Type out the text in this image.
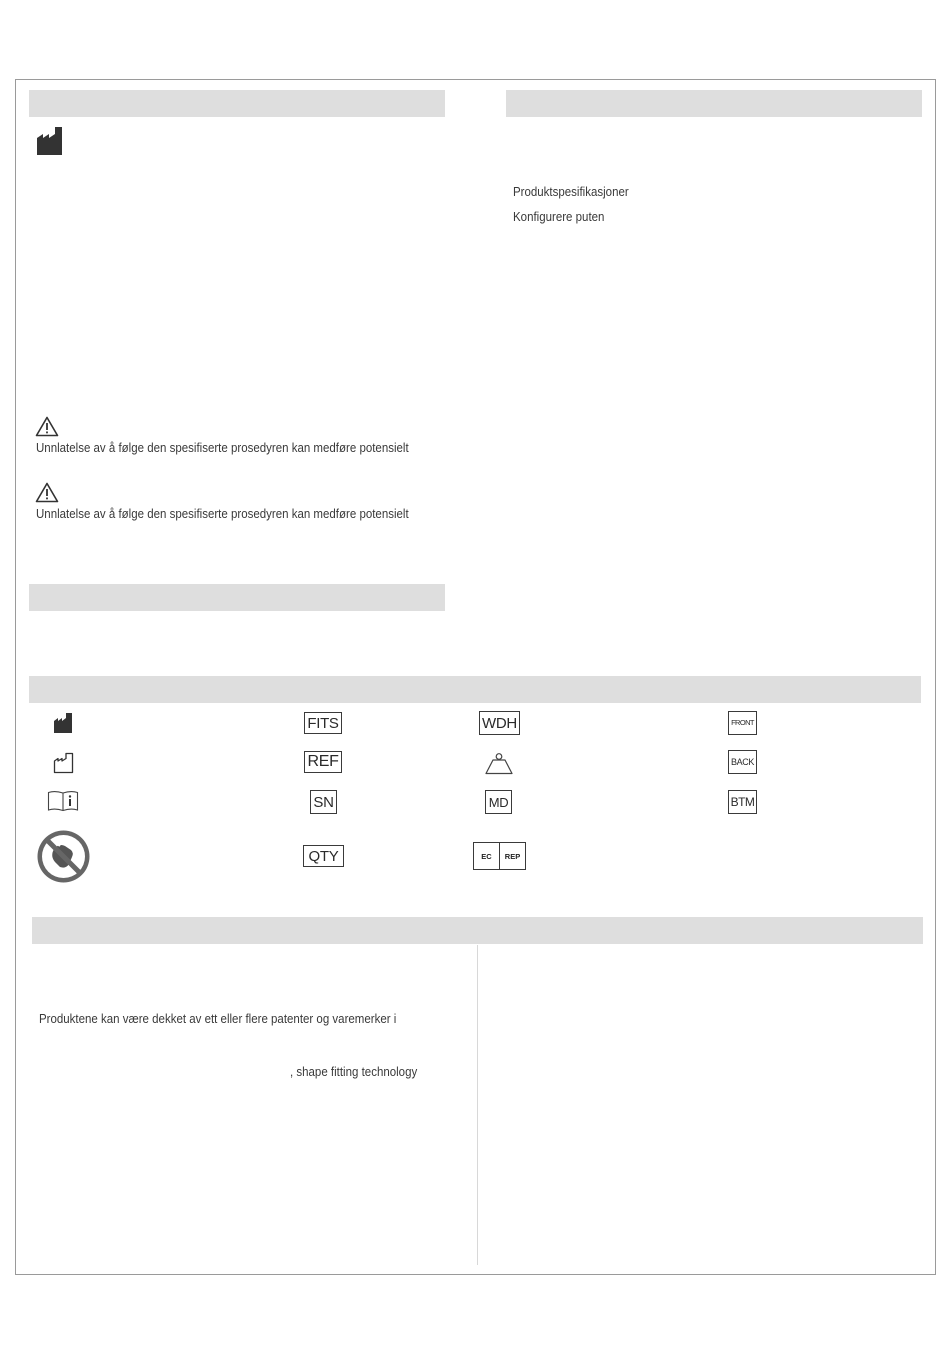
Produktspesifikasjoner
Konfigurere puten
Unnlatelse av å følge den spesifiserte prosedyren kan medføre potensielt
Unnlatelse av å følge den spesifiserte prosedyren kan medføre potensielt
FITS
REF
SN
QTY
WDH
MD
EC	REP
FRONT
BACK
BTM
Produktene kan være dekket av ett eller flere patenter og varemerker i
, shape fitting technology
